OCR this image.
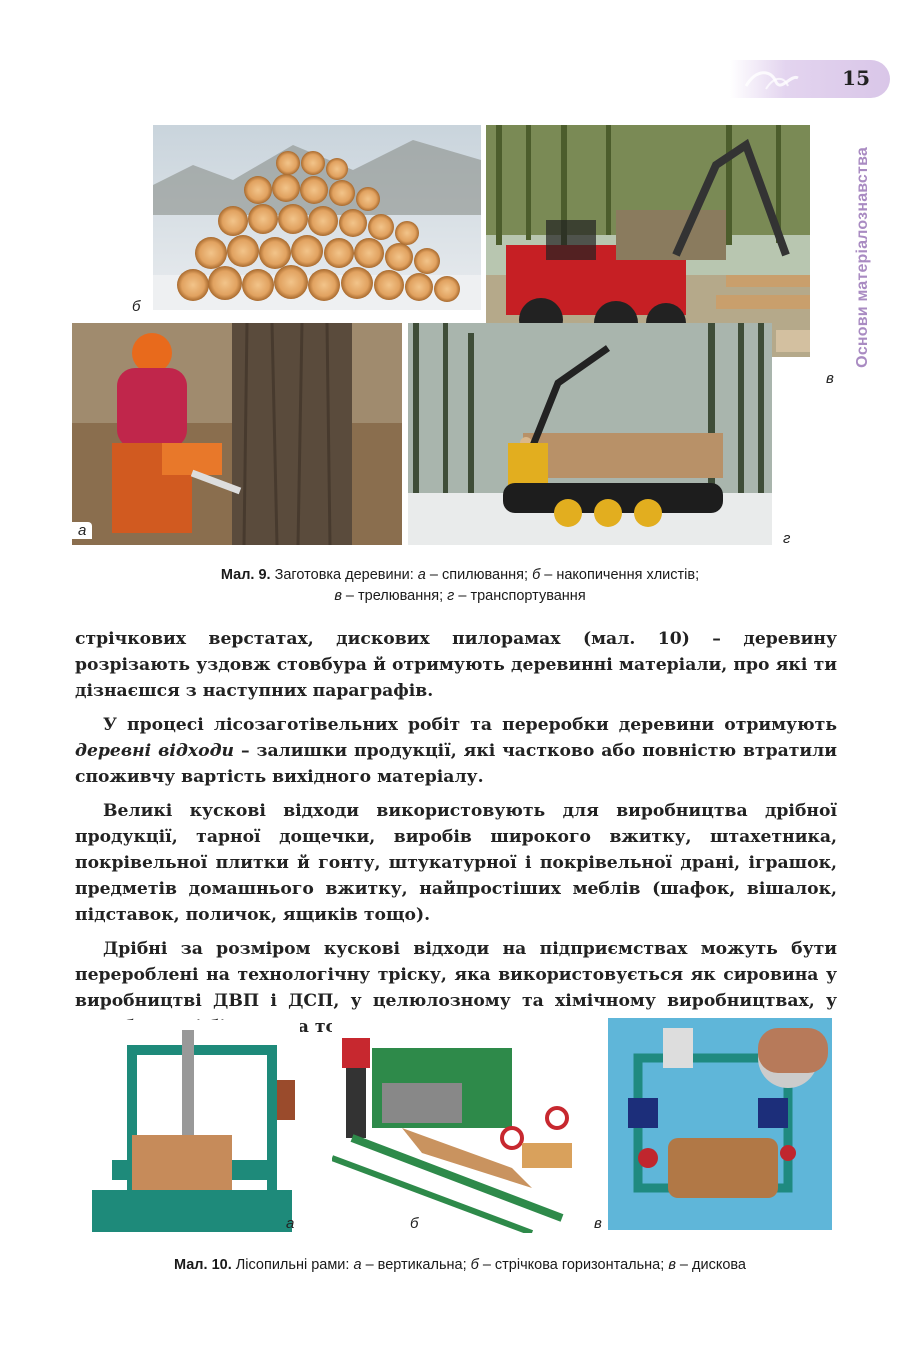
15
Основи матеріалознавства
б
в
а	г
Мал. 9. Заготовка деревини: а – спилювання; б – накопичення хлистів;
в – трелювання; г – транспортування

стрічкових верстатах, дискових пилорамах (мал. 10) – деревину розрізають уздовж стовбура й отримують деревинні матеріали, про які ти дізнаєшся з наступних параграфів.

У процесі лісозаготівельних робіт та переробки деревини отримують деревні відходи – залишки продукції, які частково або повністю втратили споживчу вартість вихідного матеріалу.

Великі кускові відходи використовують для виробництва дрібної продукції, тарної дощечки, виробів широкого вжитку, штахетника, покрівельної плитки й гонту, штукатурної і покрівельної драні, іграшок, предметів домашнього вжитку, найпростіших меблів (шафок, вішалок, підставок, поличок, ящиків тощо).

Дрібні за розміром кускові відходи на підприємствах можуть бути перероблені на технологічну тріску, яка використовується як сировина у виробництві ДВП і ДСП, у целюлозному та хімічному виробництвах, у

а	б	в
Мал. 10. Лісопильні рами: а – вертикальна; б – стрічкова горизонтальна; в – дискова
